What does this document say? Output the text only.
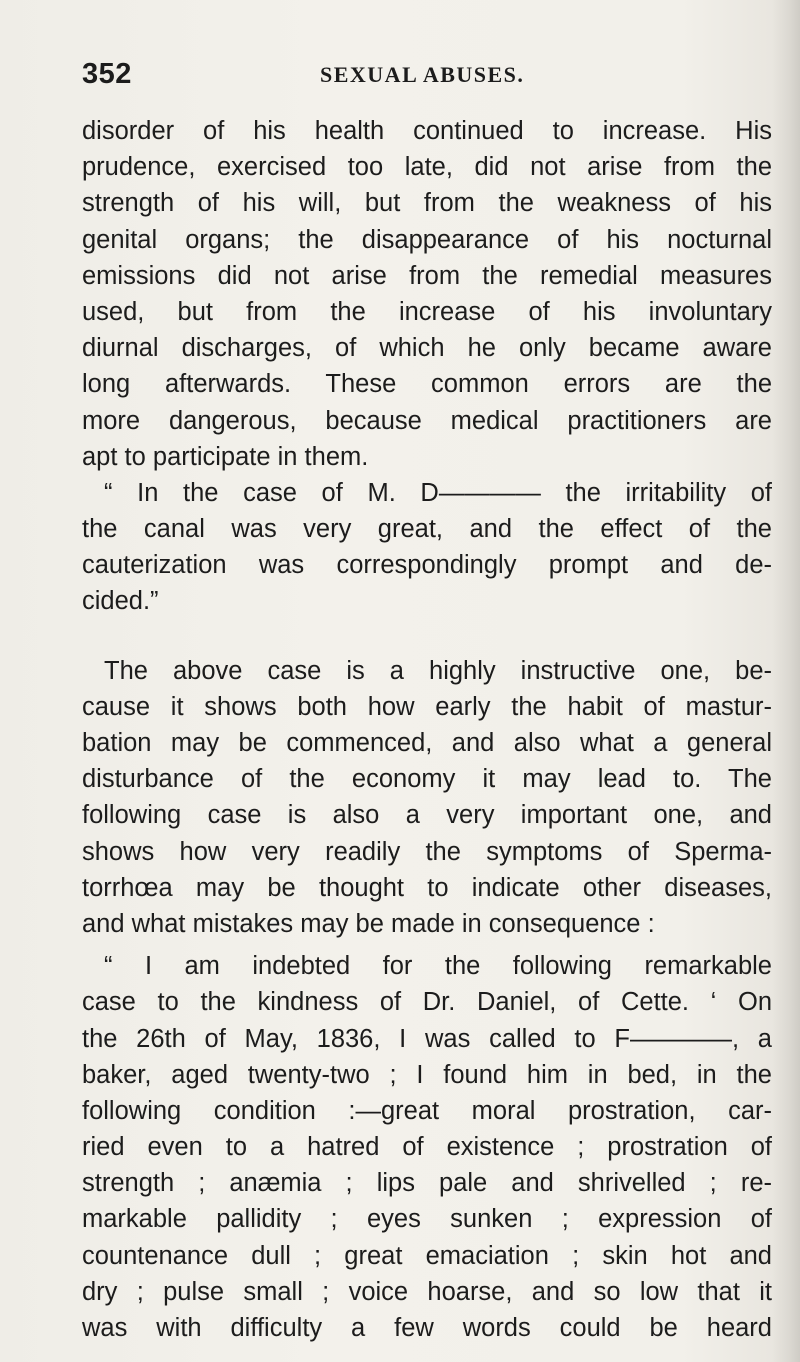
352	SEXUAL ABUSES.
disorder of his health continued to increase. His
prudence, exercised too late, did not arise from the
strength of his will, but from the weakness of his
genital organs; the disappearance of his nocturnal
emissions did not arise from the remedial measures
used, but from the increase of his involuntary
diurnal discharges, of which he only became aware
long afterwards. These common errors are the
more dangerous, because medical practitioners are
apt to participate in them.
“ In the case of M. D———— the irritability of
the canal was very great, and the effect of the
cauterization was correspondingly prompt and de-
cided.”
The above case is a highly instructive one, be-
cause it shows both how early the habit of mastur-
bation may be commenced, and also what a general
disturbance of the economy it may lead to. The
following case is also a very important one, and
shows how very readily the symptoms of Sperma-
torrhœa may be thought to indicate other diseases,
and what mistakes may be made in consequence :
“ I am indebted for the following remarkable
case to the kindness of Dr. Daniel, of Cette. ‘ On
the 26th of May, 1836, I was called to F————, a
baker, aged twenty-two ; I found him in bed, in the
following condition :—great moral prostration, car-
ried even to a hatred of existence ; prostration of
strength ; anæmia ; lips pale and shrivelled ; re-
markable pallidity ; eyes sunken ; expression of
countenance dull ; great emaciation ; skin hot and
dry ; pulse small ; voice hoarse, and so low that it
was with difficulty a few words could be heard
